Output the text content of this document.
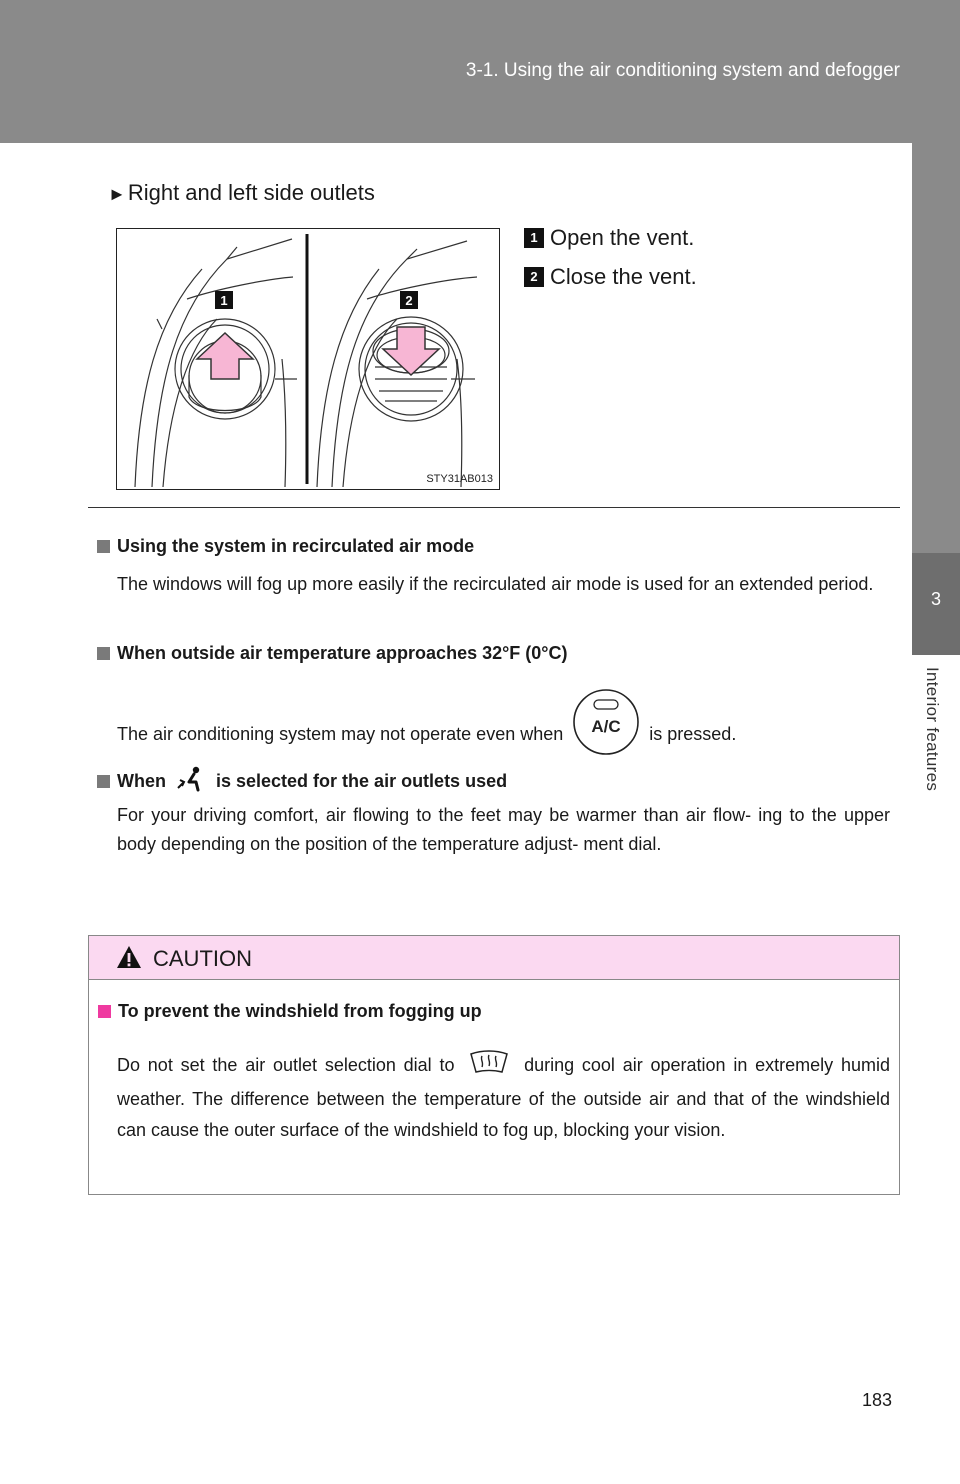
3-1. Using the air conditioning system and defogger
3
Interior features
►Right and left side outlets
1	2
STY31AB013
1 Open the vent.
2 Close the vent.
Using the system in recirculated air mode
The windows will fog up more easily if the recirculated air mode is used for an extended period.
When outside air temperature approaches 32°F (0°C)
The air conditioning system may not operate even when A/C is pressed.
When	is selected for the air outlets used
For your driving comfort, air flowing to the feet may be warmer than air flow- ing to the upper body depending on the position of the temperature adjust- ment dial.
CAUTION
To prevent the windshield from fogging up
Do not set the air outlet selection dial to	during cool air operation in extremely humid weather. The difference between the temperature of the outside air and that of the windshield can cause the outer surface of the windshield to fog up, blocking your vision.
183
